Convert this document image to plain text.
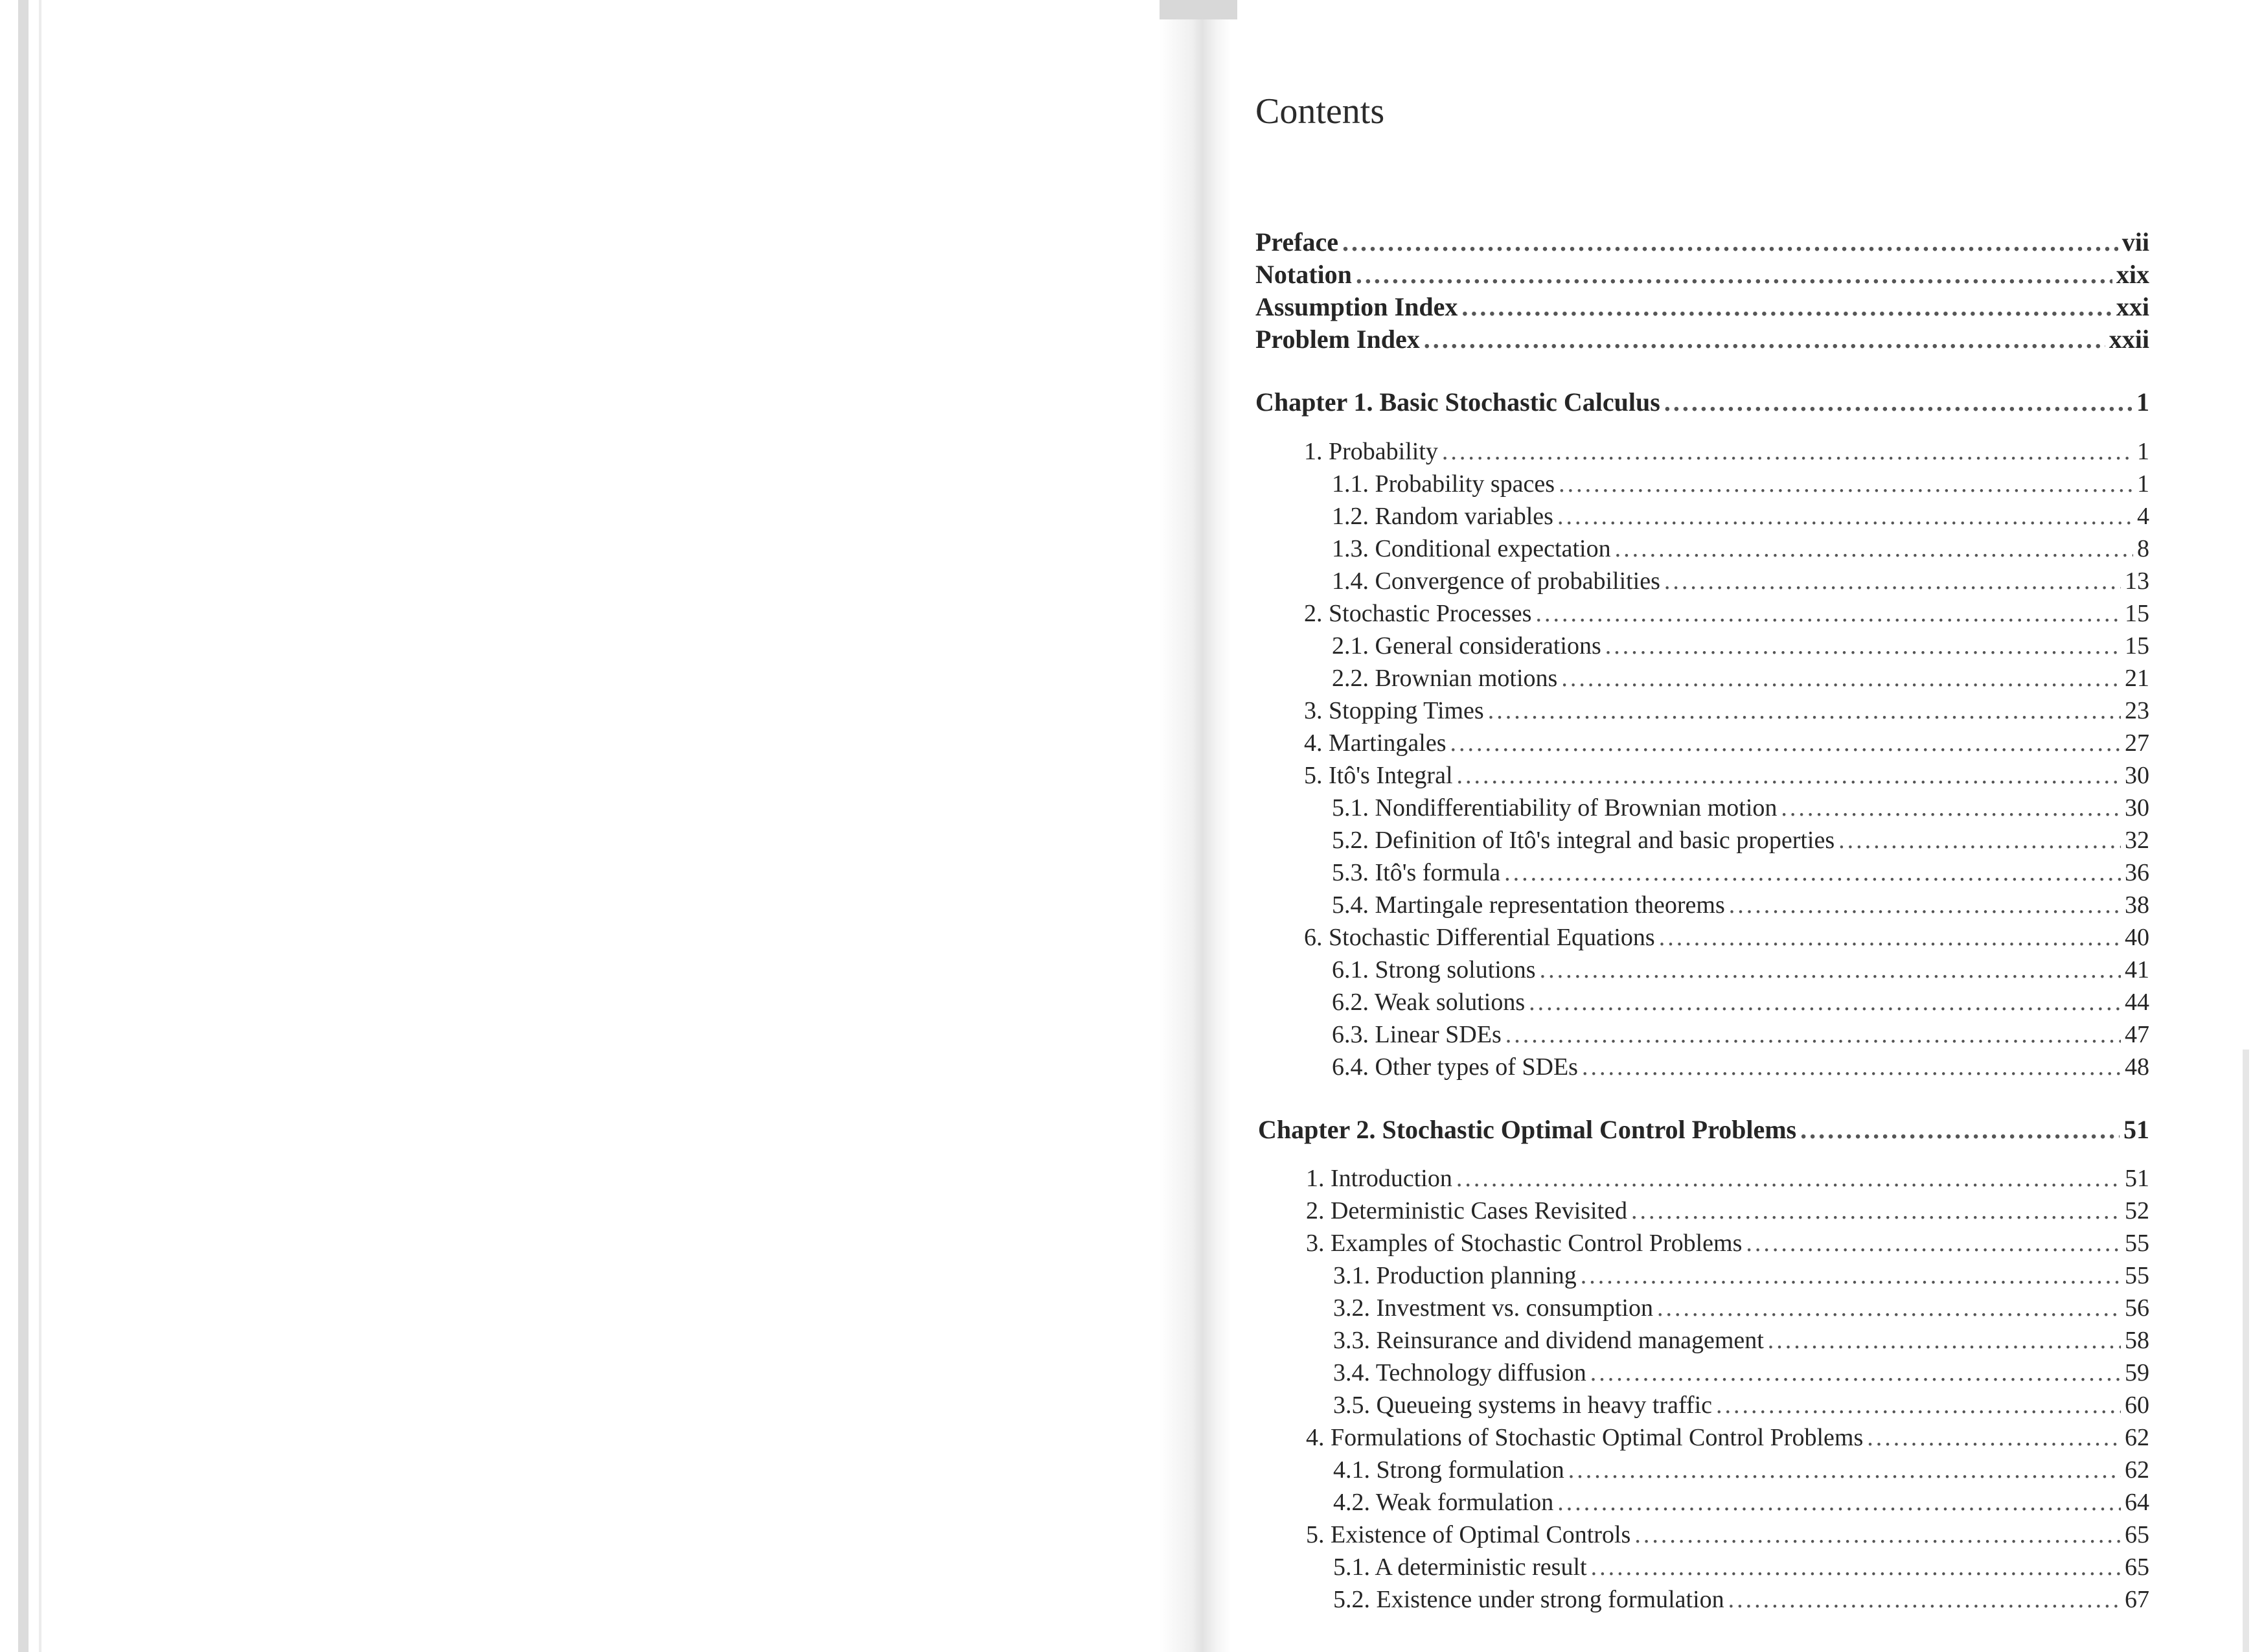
Contents
Preface .....	vii
Notation .....	xix
Assumption Index .....	xxi
Problem Index .....	xxii
Chapter 1. Basic Stochastic Calculus .....	1
1. Probability .....	1
1.1. Probability spaces .....	1
1.2. Random variables .....	4
1.3. Conditional expectation .....	8
1.4. Convergence of probabilities .....	13
2. Stochastic Processes .....	15
2.1. General considerations .....	15
2.2. Brownian motions .....	21
3. Stopping Times .....	23
4. Martingales .....	27
5. Itô's Integral .....	30
5.1. Nondifferentiability of Brownian motion .....	30
5.2. Definition of Itô's integral and basic properties .....	32
5.3. Itô's formula .....	36
5.4. Martingale representation theorems .....	38
6. Stochastic Differential Equations .....	40
6.1. Strong solutions .....	41
6.2. Weak solutions .....	44
6.3. Linear SDEs .....	47
6.4. Other types of SDEs .....	48
Chapter 2. Stochastic Optimal Control Problems .....	51
1. Introduction .....	51
2. Deterministic Cases Revisited .....	52
3. Examples of Stochastic Control Problems .....	55
3.1. Production planning .....	55
3.2. Investment vs. consumption .....	56
3.3. Reinsurance and dividend management .....	58
3.4. Technology diffusion .....	59
3.5. Queueing systems in heavy traffic .....	60
4. Formulations of Stochastic Optimal Control Problems .....	62
4.1. Strong formulation .....	62
4.2. Weak formulation .....	64
5. Existence of Optimal Controls .....	65
5.1. A deterministic result .....	65
5.2. Existence under strong formulation .....	67
